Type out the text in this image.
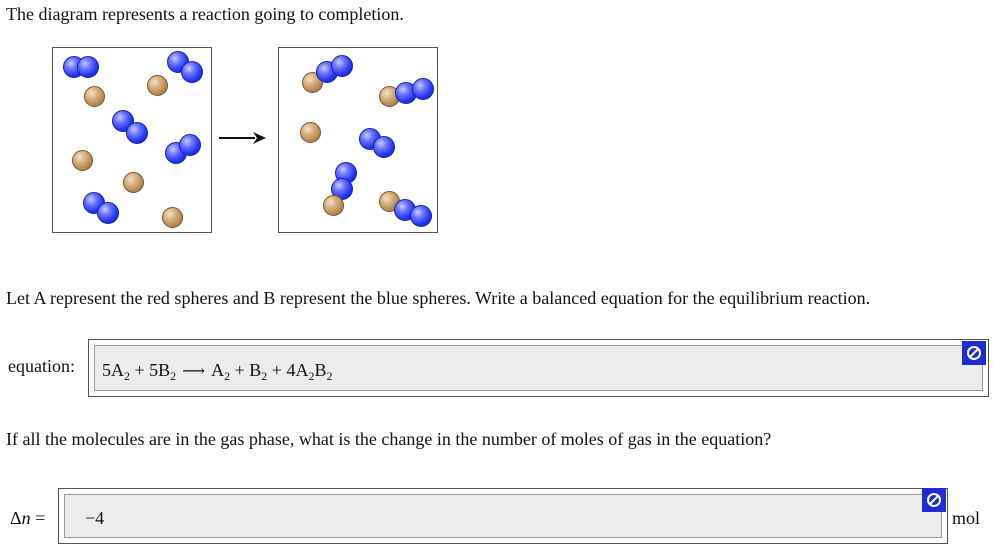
The diagram represents a reaction going to completion.
Let A represent the red spheres and B represent the blue spheres. Write a balanced equation for the equilibrium reaction.
equation: $5A_2 + 5B_2$ ⟶ $A_2 + B_2 + 4A_2B_2$
If all the molecules are in the gas phase, what is the change in the number of moles of gas in the equation?
Δn = −4	mol
